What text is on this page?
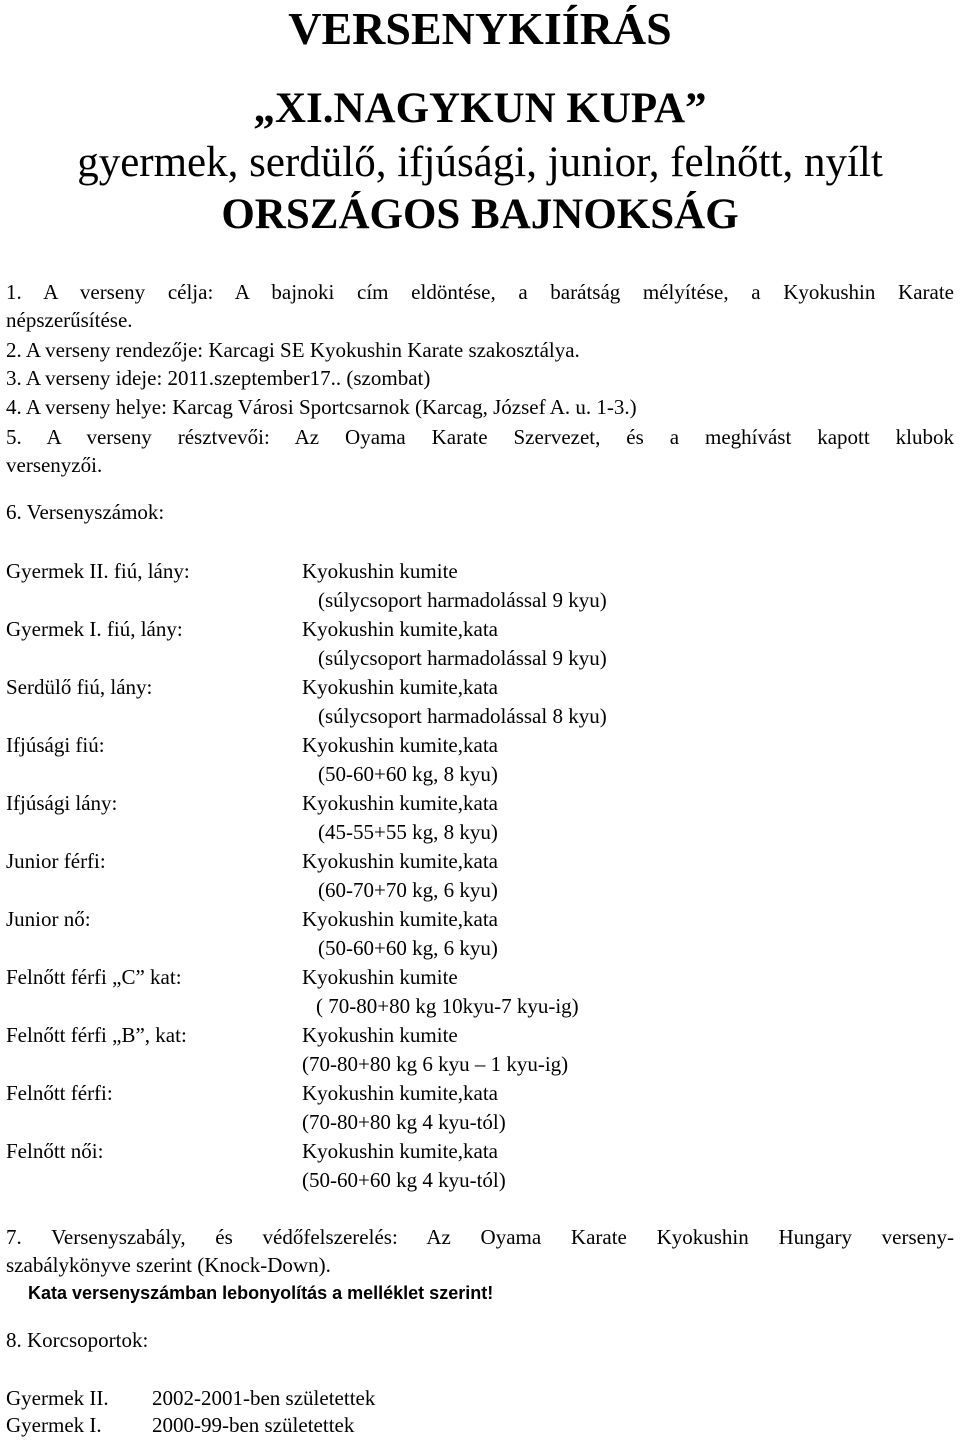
VERSENYKIÍRÁS
„XI.NAGYKUN KUPA”
gyermek, serdülő, ifjúsági, junior, felnőtt, nyílt
ORSZÁGOS BAJNOKSÁG
1. A verseny célja: A bajnoki cím eldöntése, a barátság mélyítése, a Kyokushin Karate
népszerűsítése.
2. A verseny rendezője: Karcagi SE Kyokushin Karate szakosztálya.
3. A verseny ideje: 2011.szeptember17.. (szombat)
4. A verseny helye: Karcag Városi Sportcsarnok (Karcag, József A. u. 1-3.)
5. A verseny résztvevői: Az Oyama Karate Szervezet, és a meghívást kapott klubok
versenyzői.
6. Versenyszámok:
Gyermek II. fiú, lány:	Kyokushin kumite
(súlycsoport harmadolással 9 kyu)
Gyermek I. fiú, lány:	Kyokushin kumite,kata
(súlycsoport harmadolással 9 kyu)
Serdülő fiú, lány:	Kyokushin kumite,kata
(súlycsoport harmadolással 8 kyu)
Ifjúsági fiú:	Kyokushin kumite,kata
(50-60+60 kg, 8 kyu)
Ifjúsági lány:	Kyokushin kumite,kata
(45-55+55 kg, 8 kyu)
Junior férfi:	Kyokushin kumite,kata
(60-70+70 kg, 6 kyu)
Junior nő:	Kyokushin kumite,kata
(50-60+60 kg, 6 kyu)
Felnőtt férfi „C” kat:	Kyokushin kumite
( 70-80+80 kg 10kyu-7 kyu-ig)
Felnőtt férfi „B”, kat:	Kyokushin kumite
(70-80+80 kg 6 kyu – 1 kyu-ig)
Felnőtt férfi:	Kyokushin kumite,kata
(70-80+80 kg 4 kyu-tól)
Felnőtt női:	Kyokushin kumite,kata
(50-60+60 kg 4 kyu-tól)
7. Versenyszabály, és védőfelszerelés: Az Oyama Karate Kyokushin Hungary verseny-
szabálykönyve szerint (Knock-Down).
Kata versenyszámban lebonyolítás a melléklet szerint!
8. Korcsoportok:
Gyermek II. 2002-2001-ben születettek
Gyermek I. 2000-99-ben születettek
